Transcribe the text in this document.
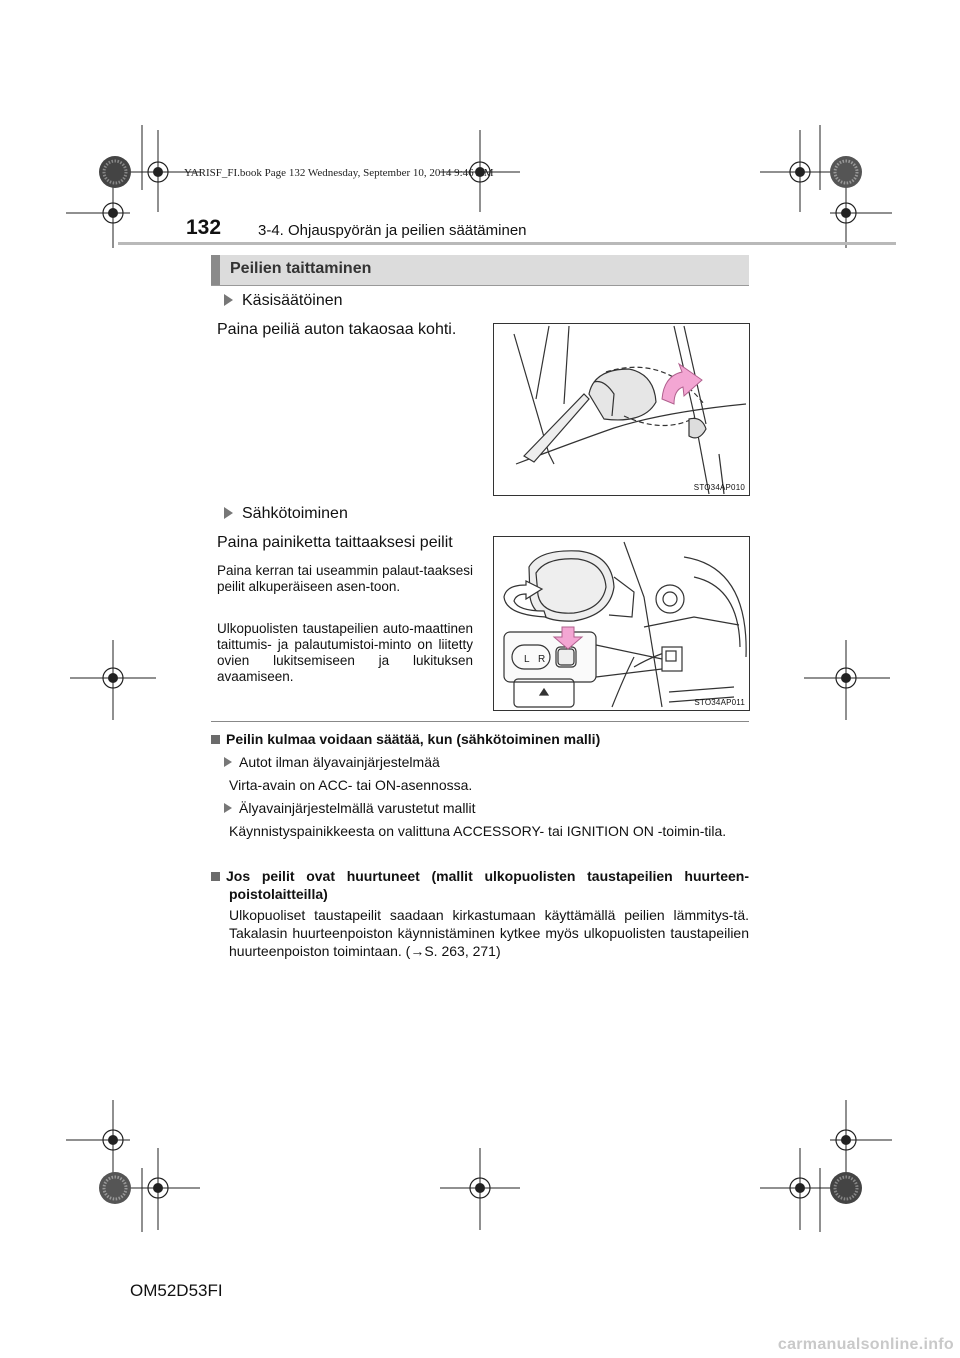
YARISF_FI.book Page 132 Wednesday, September 10, 2014 9:46 AM
132 3-4. Ohjauspyörän ja peilien säätäminen
Peilien taittaminen
Käsisäätöinen
Paina peiliä auton takaosaa kohti.
STO34AP010
Sähkötoiminen
Paina painiketta taittaaksesi peilit
Paina kerran tai useammin palaut-taaksesi peilit alkuperäiseen asen-toon.
Ulkopuolisten taustapeilien auto-maattinen taittumis- ja palautumistoi-minto on liitetty ovien lukitsemiseen ja lukituksen avaamiseen.
L R
STO34AP011
Peilin kulmaa voidaan säätää, kun (sähkötoiminen malli)
Autot ilman älyavainjärjestelmää
Virta-avain on ACC- tai ON-asennossa.
Älyavainjärjestelmällä varustetut mallit
Käynnistyspainikkeesta on valittuna ACCESSORY- tai IGNITION ON -toimin-tila.
Jos peilit ovat huurtuneet (mallit ulkopuolisten taustapeilien huurteen-poistolaitteilla)
Ulkopuoliset taustapeilit saadaan kirkastumaan käyttämällä peilien lämmitys-tä. Takalasin huurteenpoiston käynnistäminen kytkee myös ulkopuolisten taustapeilien huurteenpoiston toimintaan. (→S. 263, 271)
OM52D53FI
carmanualsonline.info
